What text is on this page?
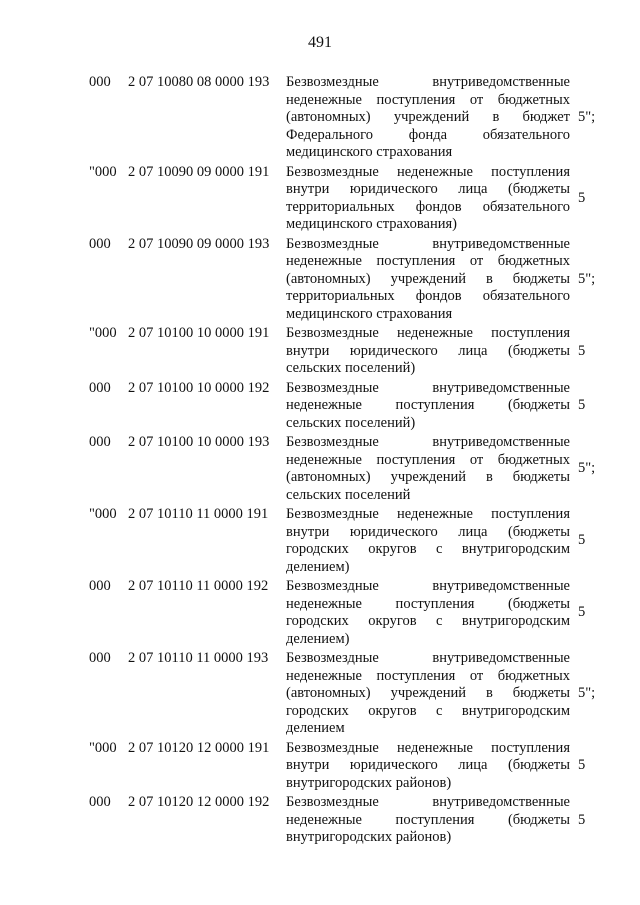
491
000 2 07 10080 08 0000 193 Безвозмездные внутриведомственные
неденежные поступления от бюджетных
(автономных) учреждений в бюджет
Федерального фонда обязательного
медицинского страхования
5";
"000 2 07 10090 09 0000 191 Безвозмездные неденежные поступления
внутри юридического лица (бюджеты
территориальных фондов обязательного
медицинского страхования)
5
000 2 07 10090 09 0000 193 Безвозмездные внутриведомственные
неденежные поступления от бюджетных
(автономных) учреждений в бюджеты
территориальных фондов обязательного
медицинского страхования
5";
"000 2 07 10100 10 0000 191 Безвозмездные неденежные поступления
внутри юридического лица (бюджеты
сельских поселений)
5
000 2 07 10100 10 0000 192 Безвозмездные внутриведомственные
неденежные поступления (бюджеты
сельских поселений)
5
000 2 07 10100 10 0000 193 Безвозмездные внутриведомственные
неденежные поступления от бюджетных
(автономных) учреждений в бюджеты
сельских поселений
5";
"000 2 07 10110 11 0000 191 Безвозмездные неденежные поступления
внутри юридического лица (бюджеты
городских округов с внутригородским
делением)
5
000 2 07 10110 11 0000 192 Безвозмездные внутриведомственные
неденежные поступления (бюджеты
городских округов с внутригородским
делением)
5
000 2 07 10110 11 0000 193 Безвозмездные внутриведомственные
неденежные поступления от бюджетных
(автономных) учреждений в бюджеты
городских округов с внутригородским
делением
5";
"000 2 07 10120 12 0000 191 Безвозмездные неденежные поступления
внутри юридического лица (бюджеты
внутригородских районов)
5
000 2 07 10120 12 0000 192 Безвозмездные внутриведомственные
неденежные поступления (бюджеты
внутригородских районов)
5
